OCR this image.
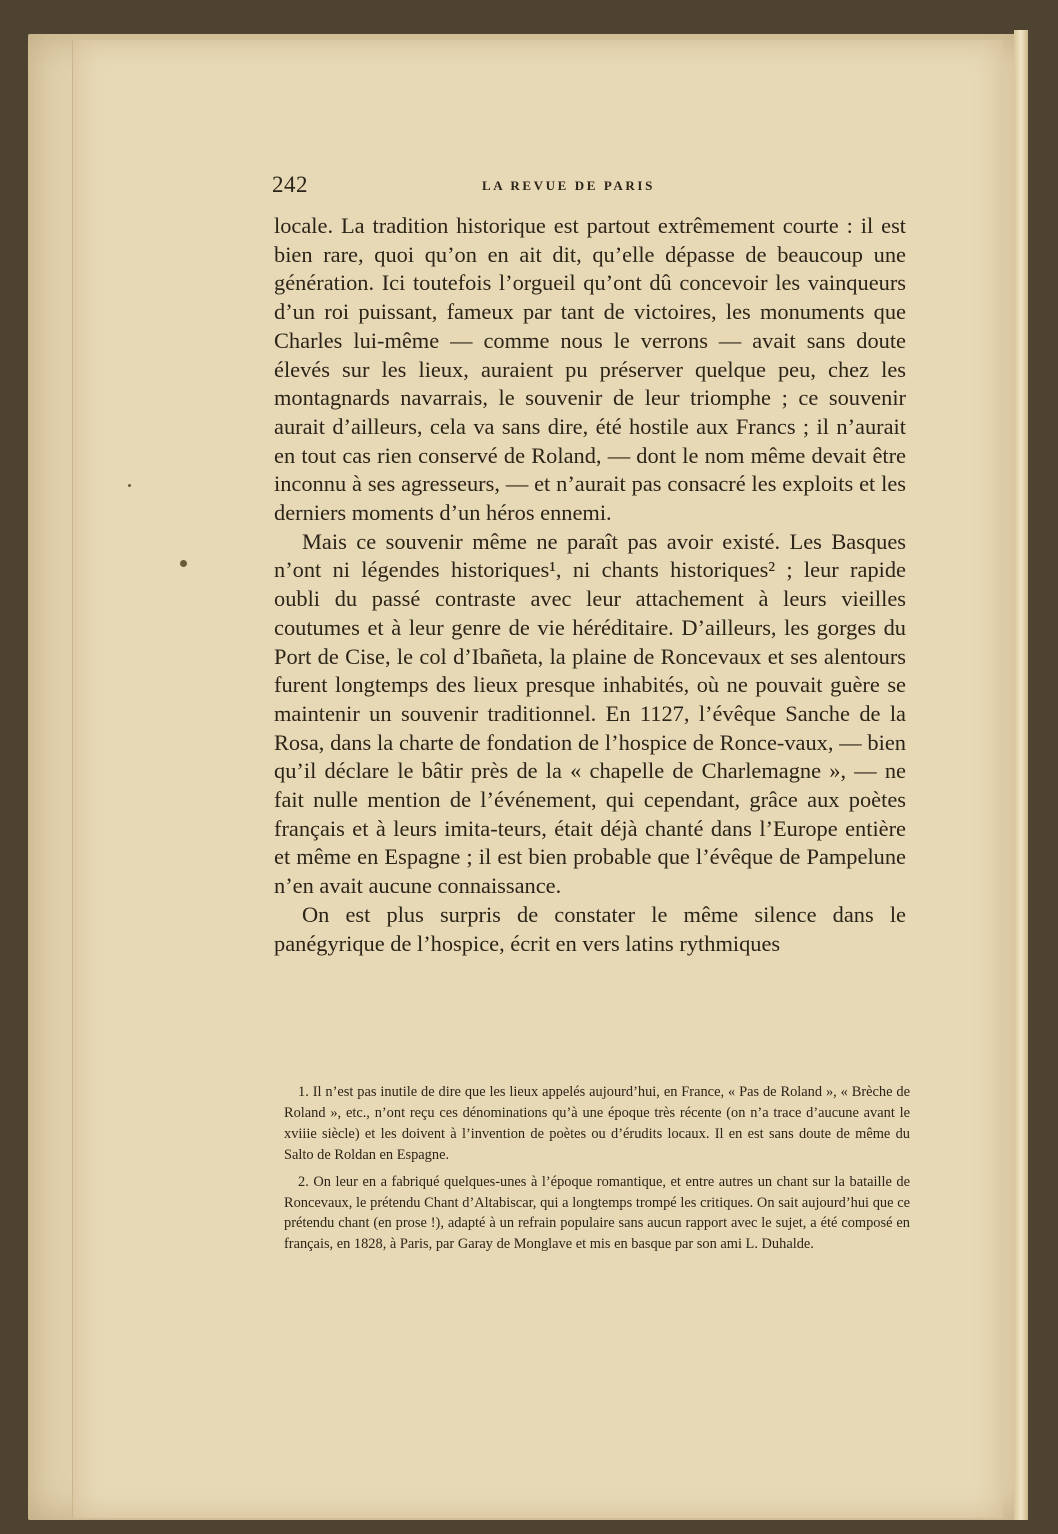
242	LA REVUE DE PARIS

locale. La tradition historique est partout extrêmement courte : il est bien rare, quoi qu’on en ait dit, qu’elle dépasse de beaucoup une génération. Ici toutefois l’orgueil qu’ont dû concevoir les vainqueurs d’un roi puissant, fameux par tant de victoires, les monuments que Charles lui-même — comme nous le verrons — avait sans doute élevés sur les lieux, auraient pu préserver quelque peu, chez les montagnards navarrais, le souvenir de leur triomphe ; ce souvenir aurait d’ailleurs, cela va sans dire, été hostile aux Francs ; il n’aurait en tout cas rien conservé de Roland, — dont le nom même devait être inconnu à ses agresseurs, — et n’aurait pas consacré les exploits et les derniers moments d’un héros ennemi.

Mais ce souvenir même ne paraît pas avoir existé. Les Basques n’ont ni légendes historiques¹, ni chants historiques² ; leur rapide oubli du passé contraste avec leur attachement à leurs vieilles coutumes et à leur genre de vie héréditaire. D’ailleurs, les gorges du Port de Cise, le col d’Ibañeta, la plaine de Roncevaux et ses alentours furent longtemps des lieux presque inhabités, où ne pouvait guère se maintenir un souvenir traditionnel. En 1127, l’évêque Sanche de la Rosa, dans la charte de fondation de l’hospice de Ronce-vaux, — bien qu’il déclare le bâtir près de la « chapelle de Charlemagne », — ne fait nulle mention de l’événement, qui cependant, grâce aux poètes français et à leurs imita-teurs, était déjà chanté dans l’Europe entière et même en Espagne ; il est bien probable que l’évêque de Pampelune n’en avait aucune connaissance.

On est plus surpris de constater le même silence dans le panégyrique de l’hospice, écrit en vers latins rythmiques

1. Il n’est pas inutile de dire que les lieux appelés aujourd’hui, en France, « Pas de Roland », « Brèche de Roland », etc., n’ont reçu ces dénominations qu’à une époque très récente (on n’a trace d’aucune avant le xviiie siècle) et les doivent à l’invention de poètes ou d’érudits locaux. Il en est sans doute de même du Salto de Roldan en Espagne.

2. On leur en a fabriqué quelques-unes à l’époque romantique, et entre autres un chant sur la bataille de Roncevaux, le prétendu Chant d’Altabiscar, qui a longtemps trompé les critiques. On sait aujourd’hui que ce prétendu chant (en prose !), adapté à un refrain populaire sans aucun rapport avec le sujet, a été composé en français, en 1828, à Paris, par Garay de Monglave et mis en basque par son ami L. Duhalde.
